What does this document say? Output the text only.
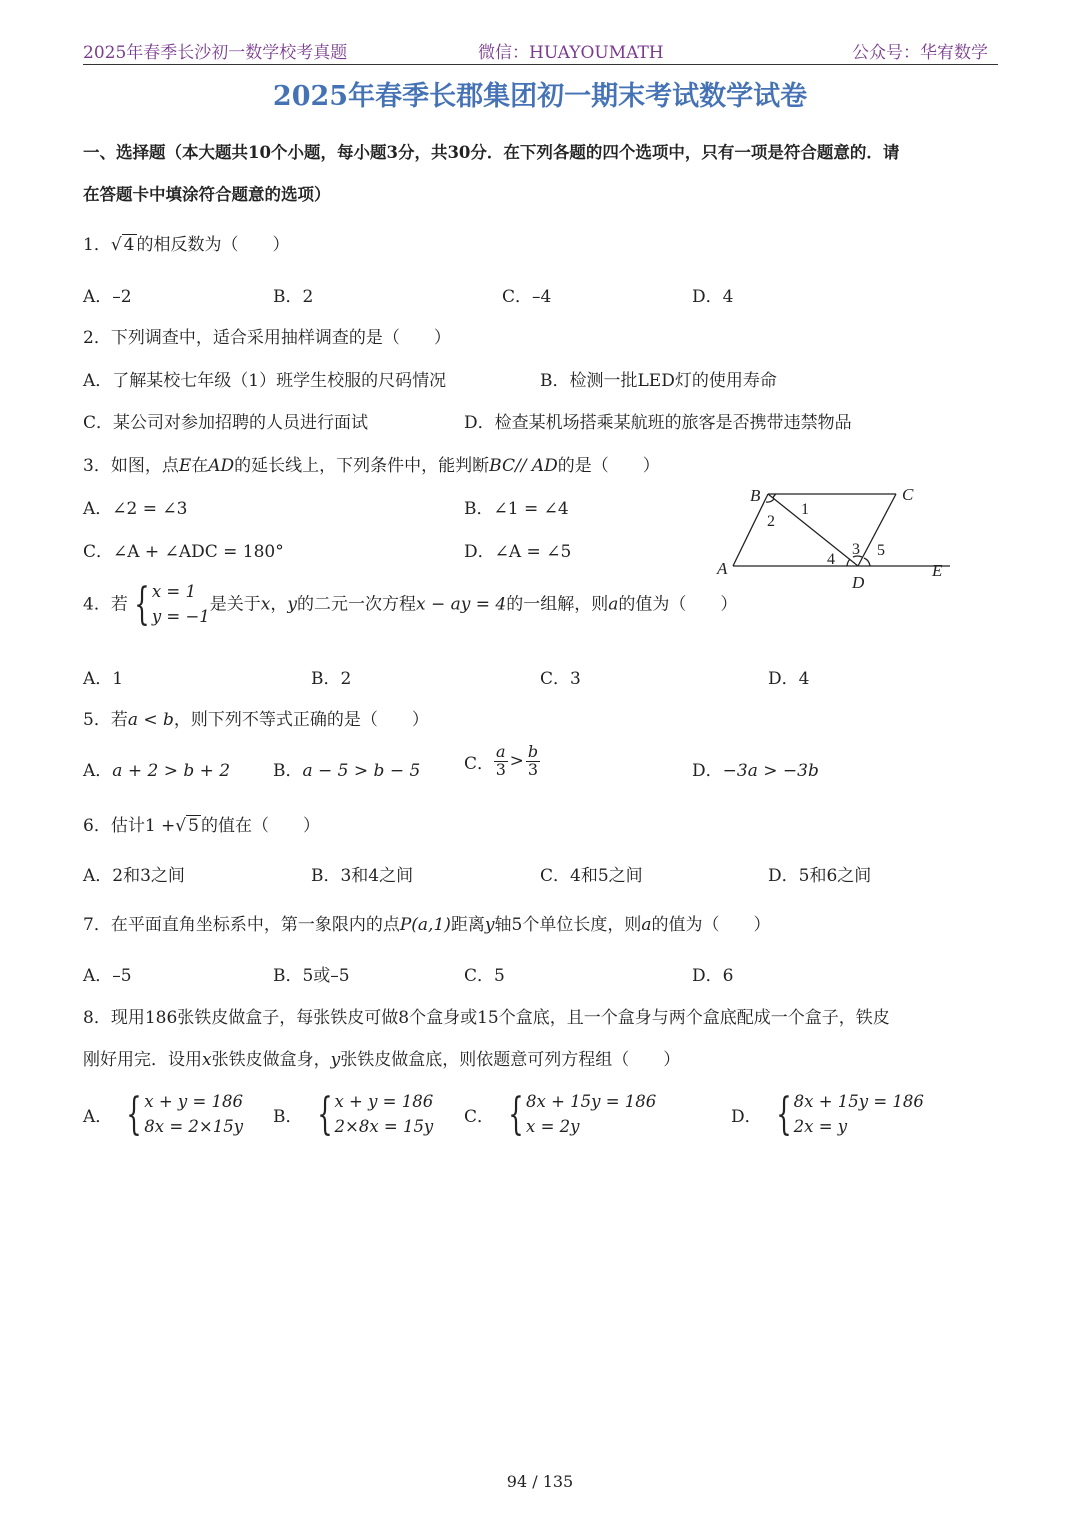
2025年春季长沙初一数学校考真题	微信：HUAYOUMATH	公众号：华宥数学
2025年春季长郡集团初一期末考试数学试卷
一、选择题（本大题共10个小题，每小题3分，共30分．在下列各题的四个选项中，只有一项是符合题意的．请
在答题卡中填涂符合题意的选项）
1．√ 4 的相反数为（　　）
A．–2	B．2	C．–4	D．4
2．下列调查中，适合采用抽样调查的是（　　）
A．了解某校七年级（1）班学生校服的尺码情况	B．检测一批LED灯的使用寿命
C．某公司对参加招聘的人员进行面试	D．检查某机场搭乘某航班的旅客是否携带违禁物品
3．如图，点E在AD的延长线上，下列条件中，能判断BC// AD的是（　　）
A．∠2 = ∠3	B．∠1 = ∠4
C．∠A + ∠ADC = 180°	D．∠A = ∠5
B	C
A
D
E
1
2
3
4
5
4．若 { x = 1
y = −1
是关于x，y的二元一次方程x − ay = 4的一组解，则a的值为（　　）
A．1	B．2	C．3	D．4
5．若a < b，则下列不等式正确的是（　　）
A．a + 2 > b + 2	B．a − 5 > b − 5	C． $\frac{a}{3} > \frac{b}{3}$	D．−3a > −3b
6．估计1 +√ 5 的值在（　　）
A．2和3之间	B．3和4之间	C．4和5之间	D．5和6之间
7．在平面直角坐标系中，第一象限内的点P(a,1)距离y轴5个单位长度，则a的值为（　　）
A．–5	B．5或–5	C．5	D．6
8．现用186张铁皮做盒子，每张铁皮可做8个盒身或15个盒底，且一个盒身与两个盒底配成一个盒子，铁皮
刚好用完．设用x张铁皮做盒身，y张铁皮做盒底，则依题意可列方程组（　　）
A． { x + y = 186
8x = 2×15y B． { x + y = 186
2×8x = 15y C． { 8x + 15y = 186
x = 2y	D． { 8x + 15y = 186
2x = y
94 / 135
